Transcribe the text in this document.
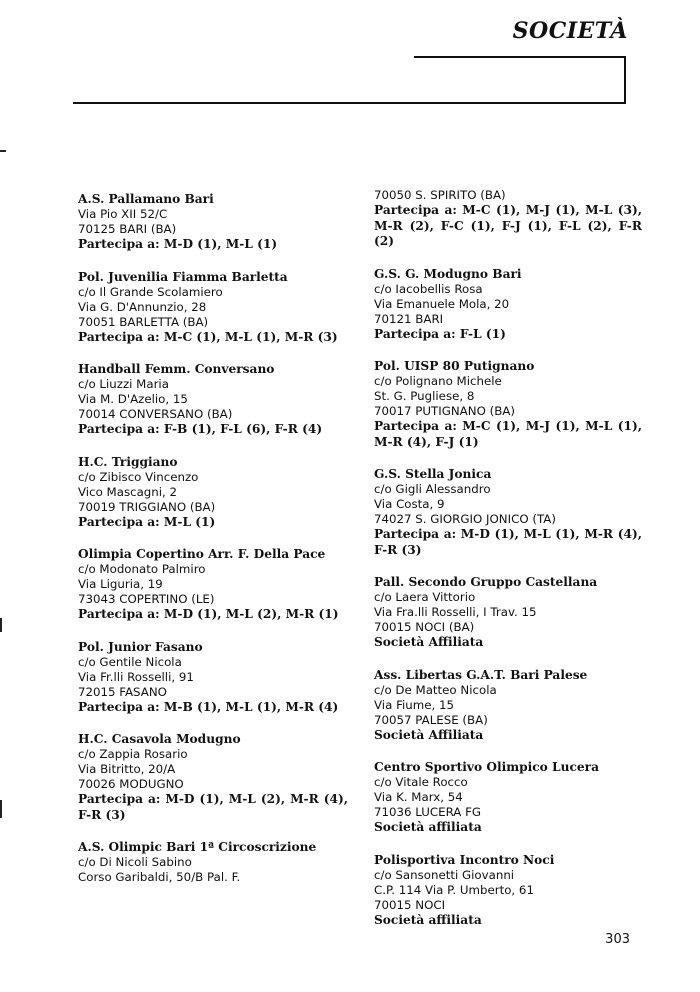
SOCIETÀ

A.S. Pallamano Bari

Via Pio XII 52/C

70125 BARI (BA)

Partecipa a: M-D (1), M-L (1)

Pol. Juvenilia Fiamma Barletta

c/o Il Grande Scolamiero

Via G. D'Annunzio, 28

70051 BARLETTA (BA)

Partecipa a: M-C (1), M-L (1), M-R (3)

Handball Femm. Conversano

c/o Liuzzi Maria

Via M. D'Azelio, 15

70014 CONVERSANO (BA)

Partecipa a: F-B (1), F-L (6), F-R (4)

H.C. Triggiano

c/o Zibisco Vincenzo

Vico Mascagni, 2

70019 TRIGGIANO (BA)

Partecipa a: M-L (1)

Olimpia Copertino Arr. F. Della Pace

c/o Modonato Palmiro

Via Liguria, 19

73043 COPERTINO (LE)

Partecipa a: M-D (1), M-L (2), M-R (1)

Pol. Junior Fasano

c/o Gentile Nicola

Via Fr.lli Rosselli, 91

72015 FASANO

Partecipa a: M-B (1), M-L (1), M-R (4)

H.C. Casavola Modugno

c/o Zappia Rosario

Via Bitritto, 20/A

70026 MODUGNO

Partecipa a: M-D (1), M-L (2), M-R (4), F-R (3)

A.S. Olimpic Bari 1ª Circoscrizione

c/o Di Nicoli Sabino

Corso Garibaldi, 50/B Pal. F.

70050 S. SPIRITO (BA)

Partecipa a: M-C (1), M-J (1), M-L (3), M-R (2), F-C (1), F-J (1), F-L (2), F-R (2)

G.S. G. Modugno Bari

c/o Iacobellis Rosa

Via Emanuele Mola, 20

70121 BARI

Partecipa a: F-L (1)

Pol. UISP 80 Putignano

c/o Polignano Michele

St. G. Pugliese, 8

70017 PUTIGNANO (BA)

Partecipa a: M-C (1), M-J (1), M-L (1), M-R (4), F-J (1)

G.S. Stella Jonica

c/o Gigli Alessandro

Via Costa, 9

74027 S. GIORGIO JONICO (TA)

Partecipa a: M-D (1), M-L (1), M-R (4), F-R (3)

Pall. Secondo Gruppo Castellana

c/o Laera Vittorio

Via Fra.lli Rosselli, I Trav. 15

70015 NOCI (BA)

Società Affiliata

Ass. Libertas G.A.T. Bari Palese

c/o De Matteo Nicola

Via Fiume, 15

70057 PALESE (BA)

Società Affiliata

Centro Sportivo Olimpico Lucera

c/o Vitale Rocco

Via K. Marx, 54

71036 LUCERA FG

Società affiliata

Polisportiva Incontro Noci

c/o Sansonetti Giovanni

C.P. 114 Via P. Umberto, 61

70015 NOCI

Società affiliata

303
